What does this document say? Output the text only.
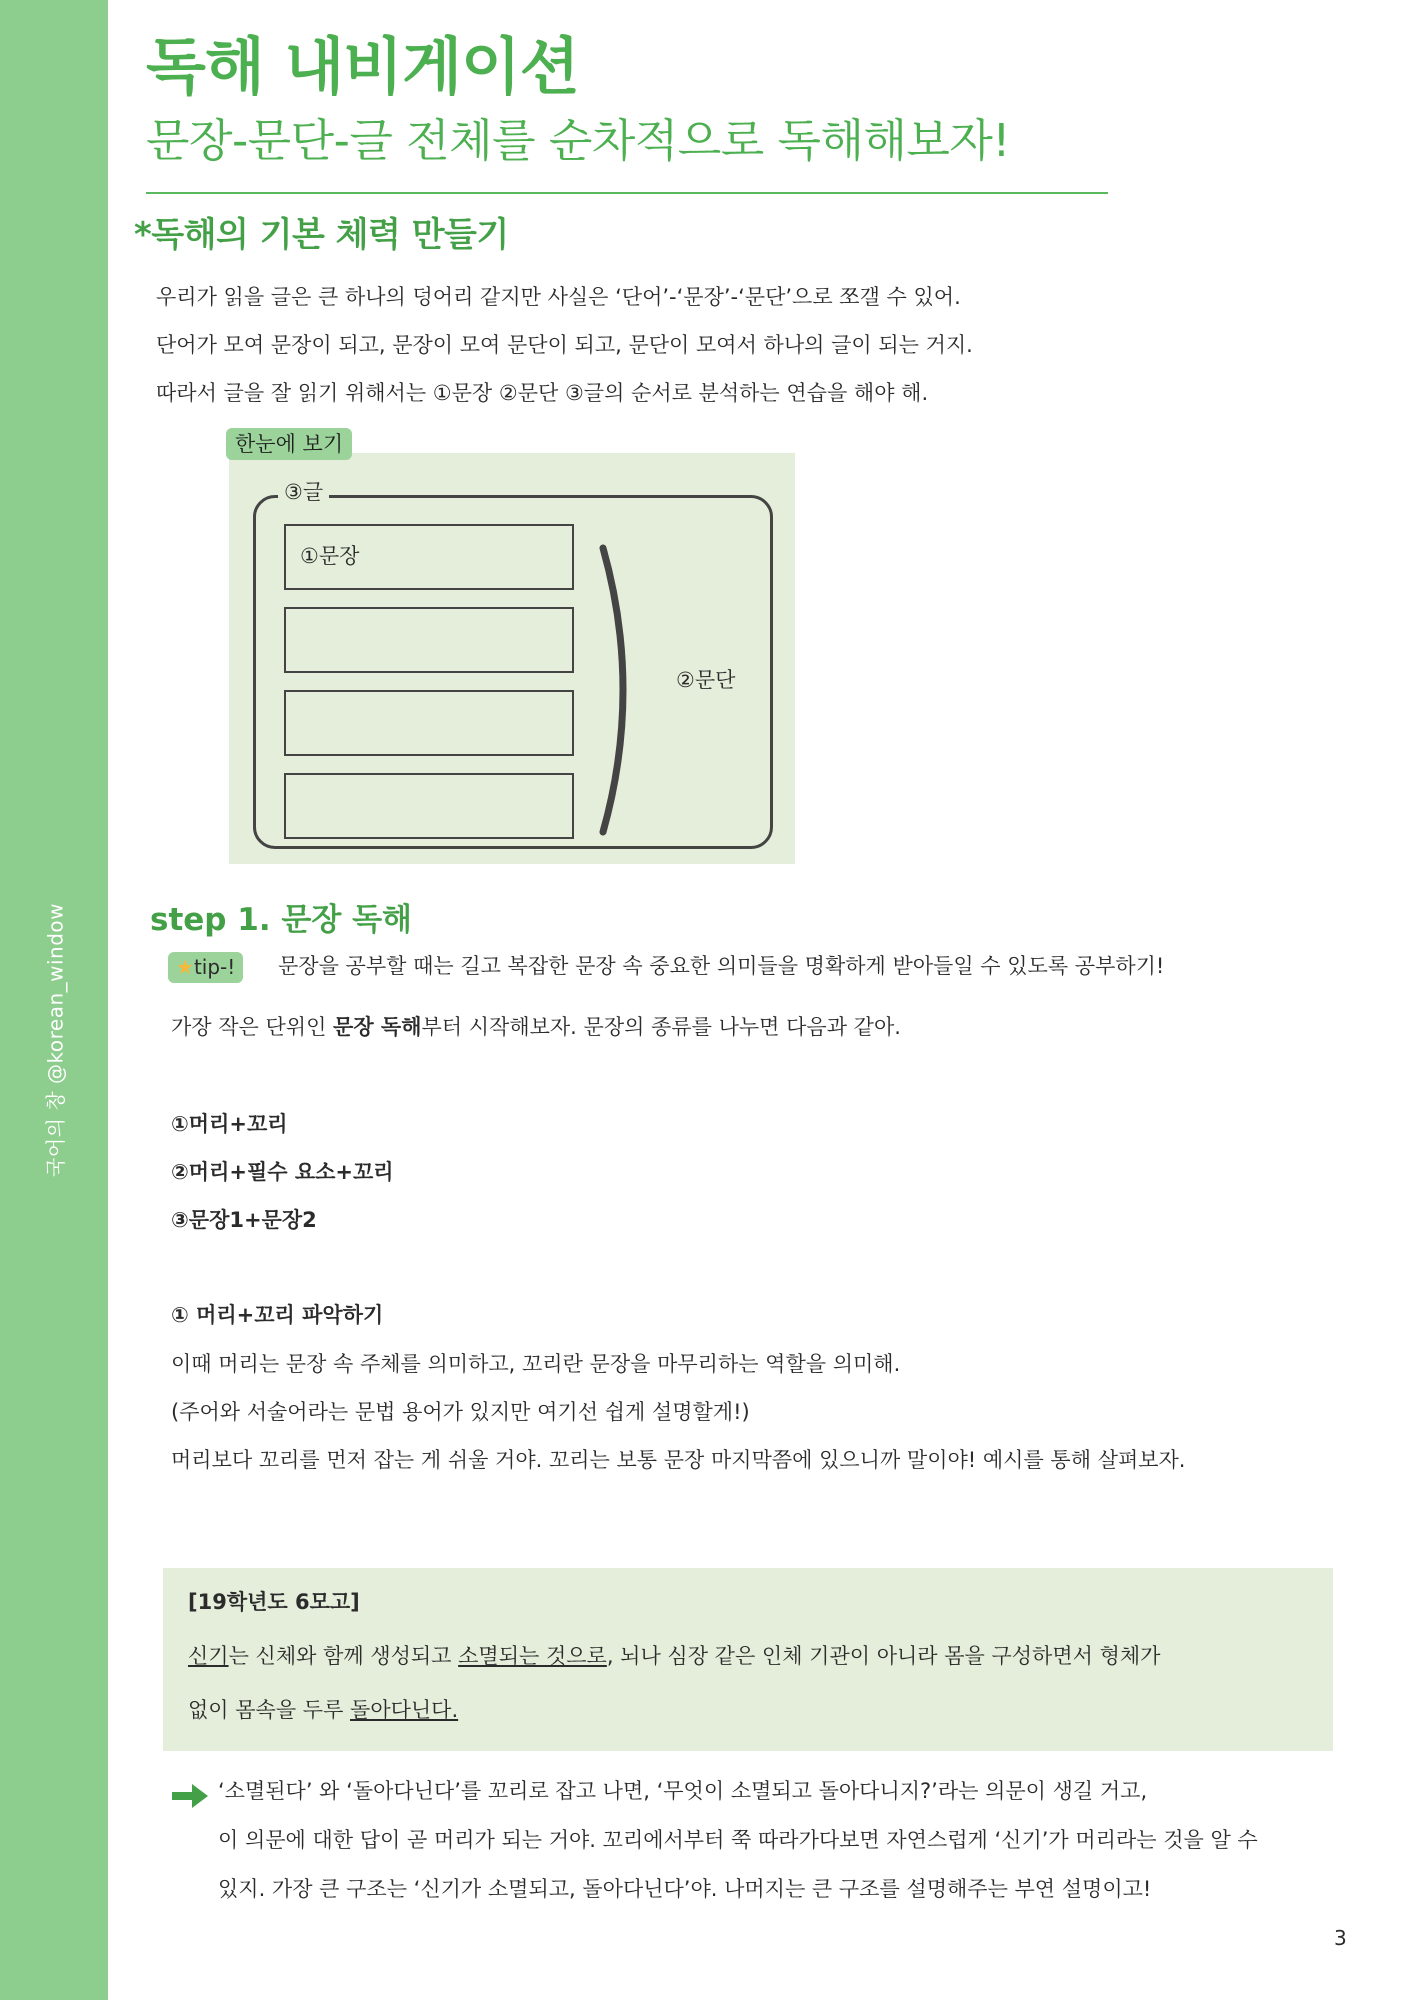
국어의 창 @korean_window
독해 내비게이션
문장-문단-글 전체를 순차적으로 독해해보자!
*독해의 기본 체력 만들기
우리가 읽을 글은 큰 하나의 덩어리 같지만 사실은 ‘단어’-‘문장’-‘문단’으로 쪼갤 수 있어.
단어가 모여 문장이 되고, 문장이 모여 문단이 되고, 문단이 모여서 하나의 글이 되는 거지.
따라서 글을 잘 읽기 위해서는 ①문장 ②문단 ③글의 순서로 분석하는 연습을 해야 해.
한눈에 보기
③글
①문장
②문단
step 1. 문장 독해
★tip-!	문장을 공부할 때는 길고 복잡한 문장 속 중요한 의미들을 명확하게 받아들일 수 있도록 공부하기!
가장 작은 단위인 문장 독해부터 시작해보자. 문장의 종류를 나누면 다음과 같아.
①머리+꼬리
②머리+필수 요소+꼬리
③문장1+문장2
① 머리+꼬리 파악하기
이때 머리는 문장 속 주체를 의미하고, 꼬리란 문장을 마무리하는 역할을 의미해.
(주어와 서술어라는 문법 용어가 있지만 여기선 쉽게 설명할게!)
머리보다 꼬리를 먼저 잡는 게 쉬울 거야. 꼬리는 보통 문장 마지막쯤에 있으니까 말이야! 예시를 통해 살펴보자.
[19학년도 6모고]
신기는 신체와 함께 생성되고 소멸되는 것으로, 뇌나 심장 같은 인체 기관이 아니라 몸을 구성하면서 형체가
없이 몸속을 두루 돌아다닌다.
‘소멸된다’ 와 ‘돌아다닌다’를 꼬리로 잡고 나면, ‘무엇이 소멸되고 돌아다니지?’라는 의문이 생길 거고,
이 의문에 대한 답이 곧 머리가 되는 거야. 꼬리에서부터 쭉 따라가다보면 자연스럽게 ‘신기’가 머리라는 것을 알 수
있지. 가장 큰 구조는 ‘신기가 소멸되고, 돌아다닌다’야. 나머지는 큰 구조를 설명해주는 부연 설명이고!
3
